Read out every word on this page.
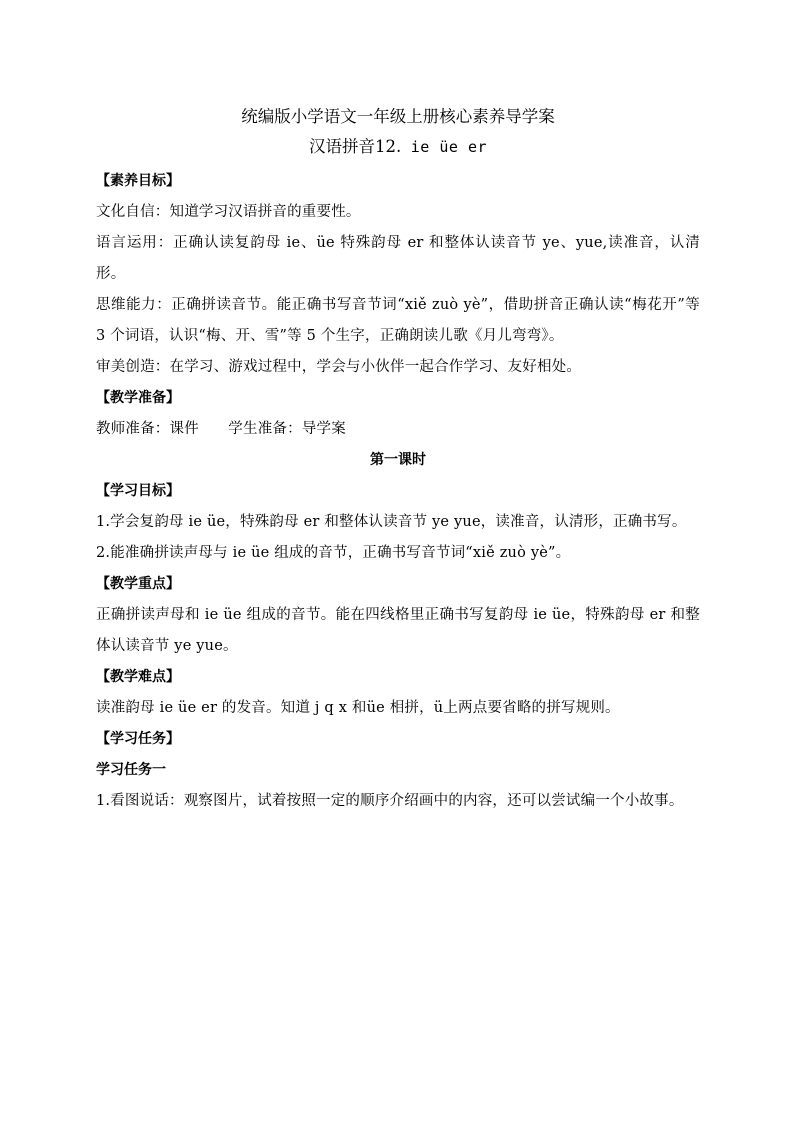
统编版小学语文一年级上册核心素养导学案

汉语拼音12. ie üe er

【素养目标】

文化自信：知道学习汉语拼音的重要性。

语言运用：正确认读复韵母 ie、üe 特殊韵母 er 和整体认读音节 ye、yue,读准音，认清形。

思维能力：正确拼读音节。能正确书写音节词“xiě zuò yè”，借助拼音正确认读“梅花开”等 3 个词语，认识“梅、开、雪”等 5 个生字，正确朗读儿歌《月儿弯弯》。

审美创造：在学习、游戏过程中，学会与小伙伴一起合作学习、友好相处。

【教学准备】

教师准备：课件　　学生准备：导学案

第一课时

【学习目标】

1.学会复韵母 ie üe，特殊韵母 er 和整体认读音节 ye yue，读准音，认清形，正确书写。

2.能准确拼读声母与 ie üe 组成的音节，正确书写音节词“xiě zuò yè”。

【教学重点】

正确拼读声母和 ie üe 组成的音节。能在四线格里正确书写复韵母 ie üe，特殊韵母 er 和整体认读音节 ye yue。

【教学难点】

读准韵母 ie üe er 的发音。知道 j q x 和üe 相拼，ü上两点要省略的拼写规则。

【学习任务】

学习任务一

1.看图说话：观察图片，试着按照一定的顺序介绍画中的内容，还可以尝试编一个小故事。
